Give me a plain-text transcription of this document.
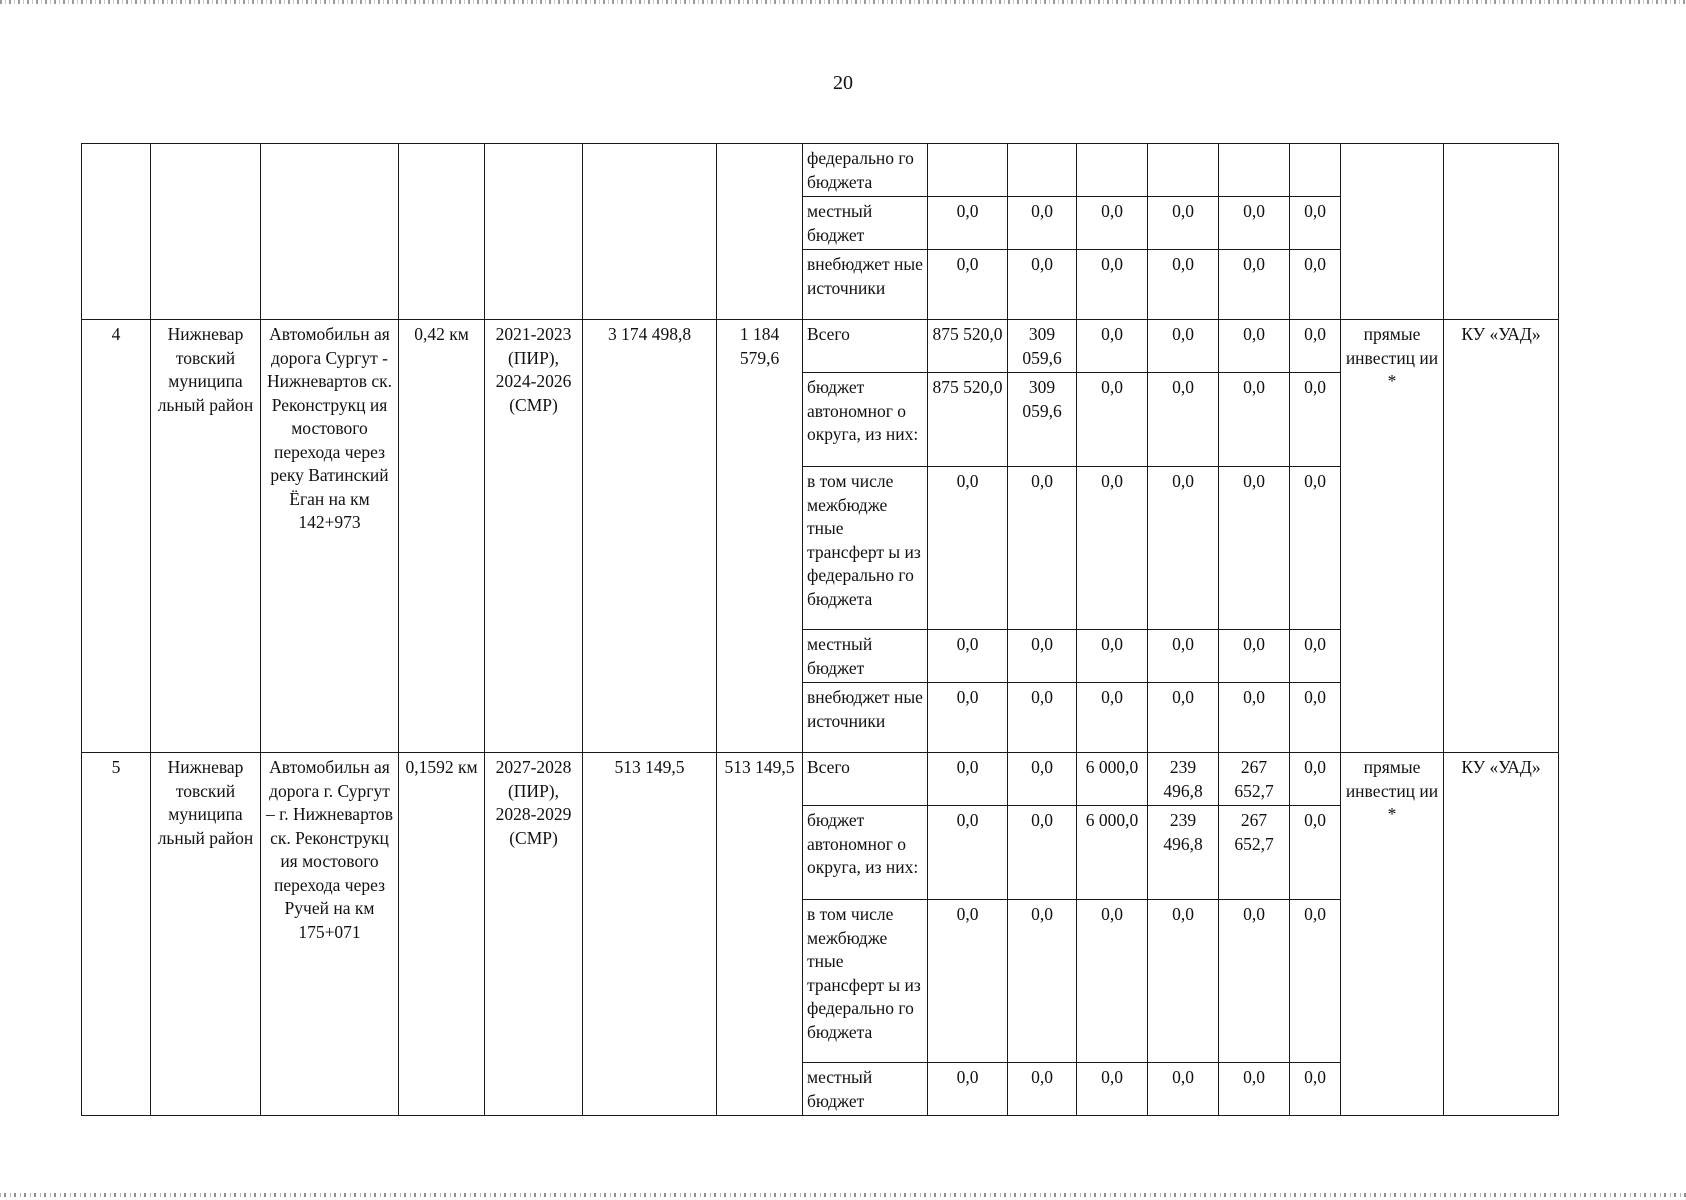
20
							федерально го бюджета								
							местный бюджет	0,0	0,0	0,0	0,0	0,0	0,0		
							внебюджет ные источники	0,0	0,0	0,0	0,0	0,0	0,0		
4	Нижневар товский муниципа льный район	Автомобильн ая дорога Сургут - Нижневартов ск. Реконструкц ия мостового перехода через реку Ватинский Ёган на км 142+973	0,42 км	2021-2023 (ПИР), 2024-2026 (СМР)	3 174 498,8	1 184 579,6	Всего	875 520,0	309 059,6	0,0	0,0	0,0	0,0	прямые инвестиц ии *	КУ «УАД»
							бюджет автономног о округа, из них:	875 520,0	309 059,6	0,0	0,0	0,0	0,0		
							в том числе межбюдже тные трансферт ы из федерально го бюджета	0,0	0,0	0,0	0,0	0,0	0,0		
							местный бюджет	0,0	0,0	0,0	0,0	0,0	0,0		
							внебюджет ные источники	0,0	0,0	0,0	0,0	0,0	0,0		
5	Нижневар товский муниципа льный район	Автомобильн ая дорога г. Сургут – г. Нижневартов ск. Реконструкц ия мостового перехода через Ручей на км 175+071	0,1592 км	2027-2028 (ПИР), 2028-2029 (СМР)	513 149,5	513 149,5	Всего	0,0	0,0	6 000,0	239 496,8	267 652,7	0,0	прямые инвестиц ии *	КУ «УАД»
							бюджет автономног о округа, из них:	0,0	0,0	6 000,0	239 496,8	267 652,7	0,0		
							в том числе межбюдже тные трансферт ы из федерально го бюджета	0,0	0,0	0,0	0,0	0,0	0,0		
							местный бюджет	0,0	0,0	0,0	0,0	0,0	0,0		
